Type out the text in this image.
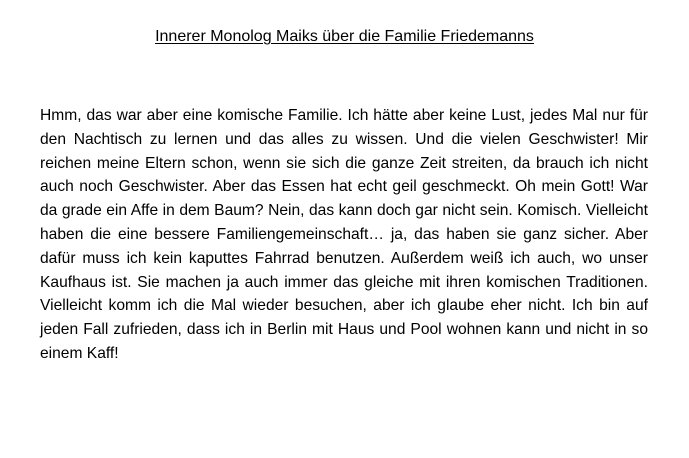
Innerer Monolog Maiks über die Familie Friedemanns

Hmm, das war aber eine komische Familie. Ich hätte aber keine Lust, jedes Mal nur für den Nachtisch zu lernen und das alles zu wissen. Und die vielen Geschwister! Mir reichen meine Eltern schon, wenn sie sich die ganze Zeit streiten, da brauch ich nicht auch noch Geschwister. Aber das Essen hat echt geil geschmeckt. Oh mein Gott! War da grade ein Affe in dem Baum? Nein, das kann doch gar nicht sein. Komisch. Vielleicht haben die eine bessere Familiengemeinschaft… ja, das haben sie ganz sicher. Aber dafür muss ich kein kaputtes Fahrrad benutzen. Außerdem weiß ich auch, wo unser Kaufhaus ist. Sie machen ja auch immer das gleiche mit ihren komischen Traditionen. Vielleicht komm ich die Mal wieder besuchen, aber ich glaube eher nicht. Ich bin auf jeden Fall zufrieden, dass ich in Berlin mit Haus und Pool wohnen kann und nicht in so einem Kaff!
